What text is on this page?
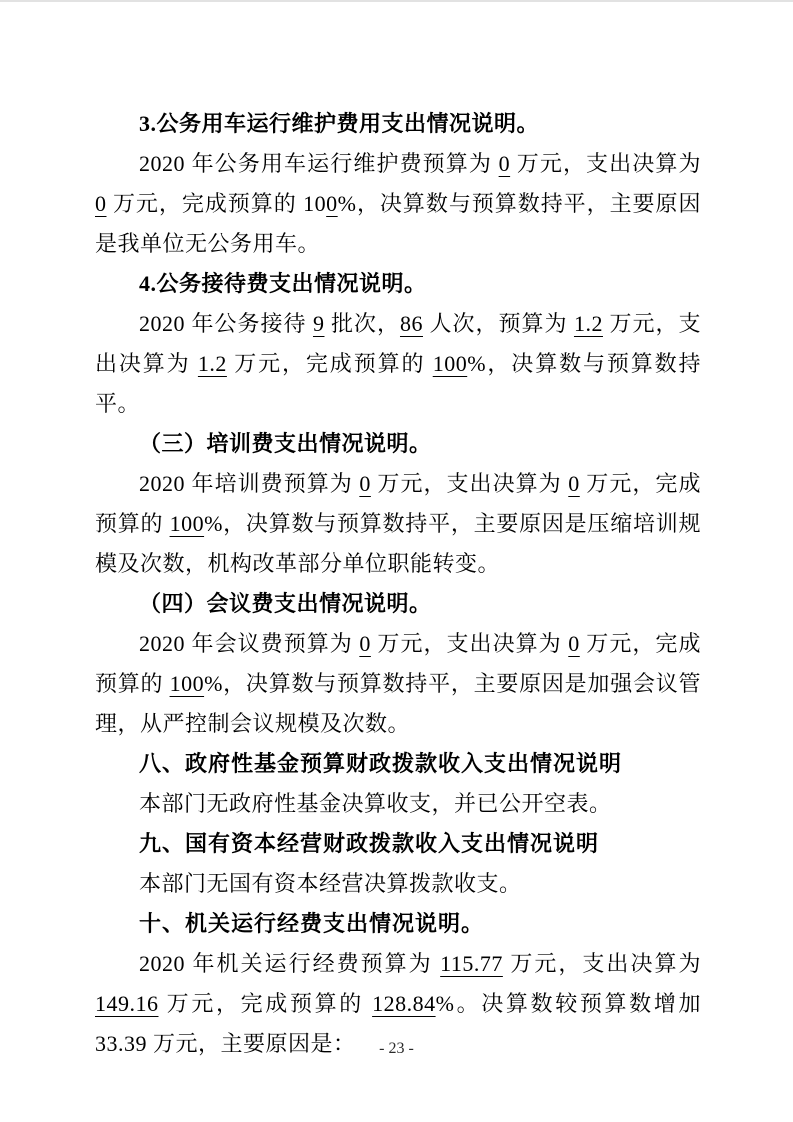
3.公务用车运行维护费用支出情况说明。

2020 年公务用车运行维护费预算为 0 万元，支出决算为 0 万元，完成预算的 100%，决算数与预算数持平，主要原因是我单位无公务用车。

4.公务接待费支出情况说明。

2020 年公务接待 9 批次，86 人次，预算为 1.2 万元，支出决算为 1.2 万元，完成预算的 100%，决算数与预算数持平。

（三）培训费支出情况说明。

2020 年培训费预算为 0 万元，支出决算为 0 万元，完成预算的 100%，决算数与预算数持平，主要原因是压缩培训规模及次数，机构改革部分单位职能转变。

（四）会议费支出情况说明。

2020 年会议费预算为 0 万元，支出决算为 0 万元，完成预算的 100%，决算数与预算数持平，主要原因是加强会议管理，从严控制会议规模及次数。

八、政府性基金预算财政拨款收入支出情况说明

本部门无政府性基金决算收支，并已公开空表。

九、国有资本经营财政拨款收入支出情况说明

本部门无国有资本经营决算拨款收支。

十、机关运行经费支出情况说明。

2020 年机关运行经费预算为 115.77 万元，支出决算为 149.16 万元，完成预算的 128.84%。决算数较预算数增加 33.39 万元，主要原因是：	- 23 -
